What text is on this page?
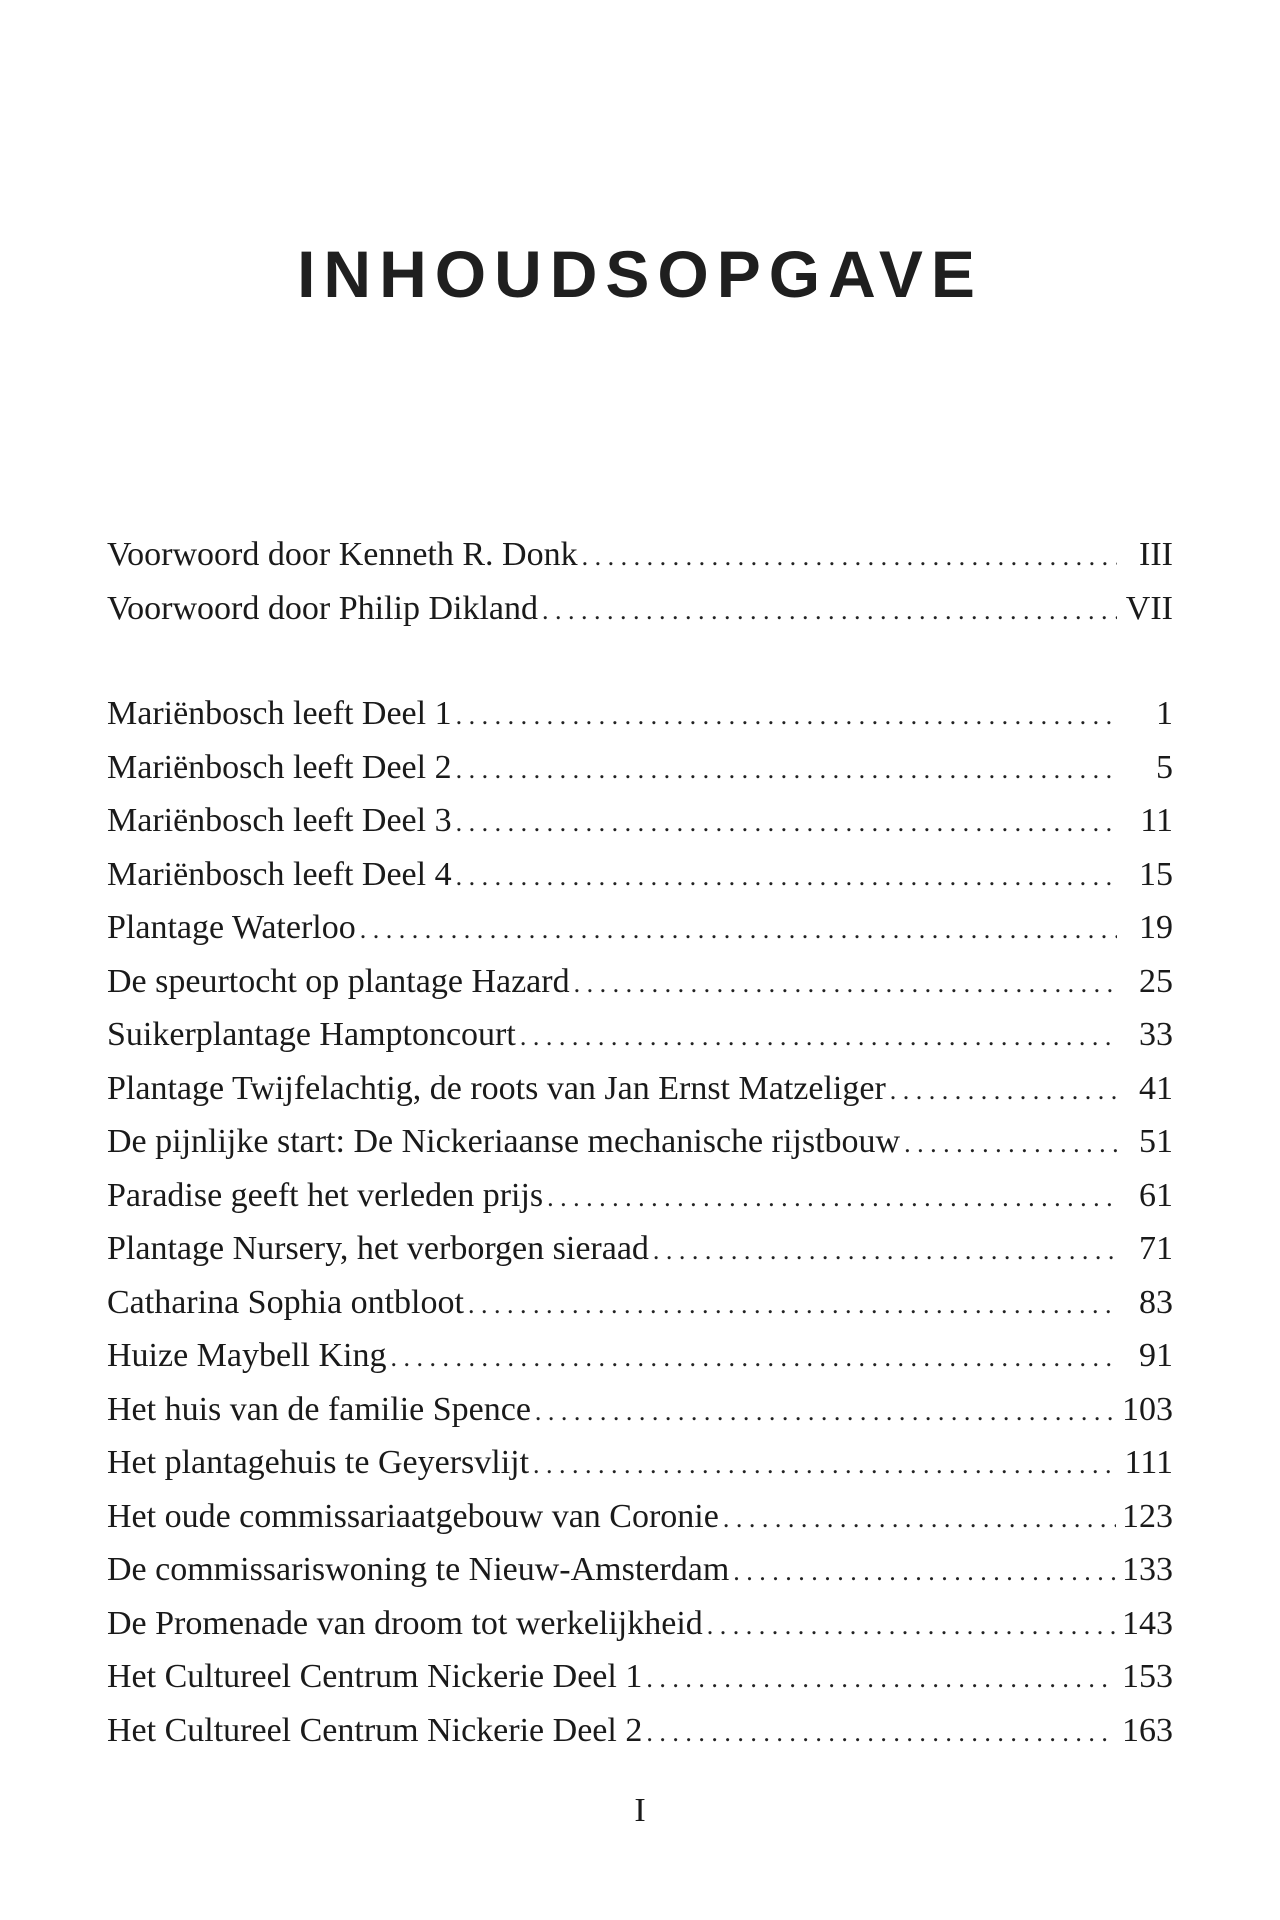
INHOUDSOPGAVE
Voorwoord door Kenneth R. Donk . . .	III
Voorwoord door Philip Dikland . . .	VII
Mariënbosch leeft Deel 1 . . .	1
Mariënbosch leeft Deel 2 . . .	5
Mariënbosch leeft Deel 3 . . .	11
Mariënbosch leeft Deel 4 . . .	15
Plantage Waterloo . . .	19
De speurtocht op plantage Hazard . . .	25
Suikerplantage Hamptoncourt . . .	33
Plantage Twijfelachtig, de roots van Jan Ernst Matzeliger . . .	41
De pijnlijke start: De Nickeriaanse mechanische rijstbouw . . .	51
Paradise geeft het verleden prijs . . .	61
Plantage Nursery, het verborgen sieraad . . .	71
Catharina Sophia ontbloot . . .	83
Huize Maybell King . . .	91
Het huis van de familie Spence . . .	103
Het plantagehuis te Geyersvlijt . . .	111
Het oude commissariaatgebouw van Coronie . . .	123
De commissariswoning te Nieuw-Amsterdam . . .	133
De Promenade van droom tot werkelijkheid . . .	143
Het Cultureel Centrum Nickerie Deel 1 . . .	153
Het Cultureel Centrum Nickerie Deel 2 . . .	163

I
